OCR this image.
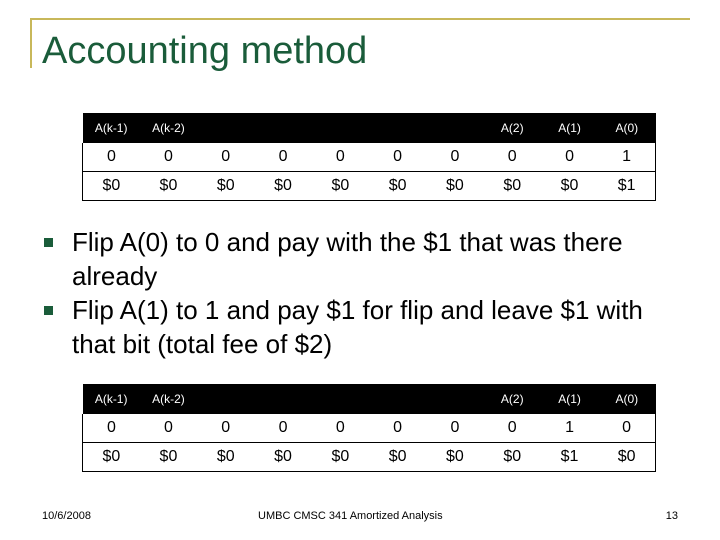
Accounting method
A(k-1)	A(k-2)						A(2)	A(1)	A(0)
0	0	0	0	0	0	0	0	0	1
$0	$0	$0	$0	$0	$0	$0	$0	$0	$1
Flip A(0) to 0 and pay with the $1 that was there already
Flip A(1) to 1 and pay $1 for flip and leave $1 with that bit (total fee of $2)
A(k-1)	A(k-2)						A(2)	A(1)	A(0)
0	0	0	0	0	0	0	0	1	0
$0	$0	$0	$0	$0	$0	$0	$0	$1	$0
10/6/2008	UMBC CMSC 341 Amortized Analysis	13
